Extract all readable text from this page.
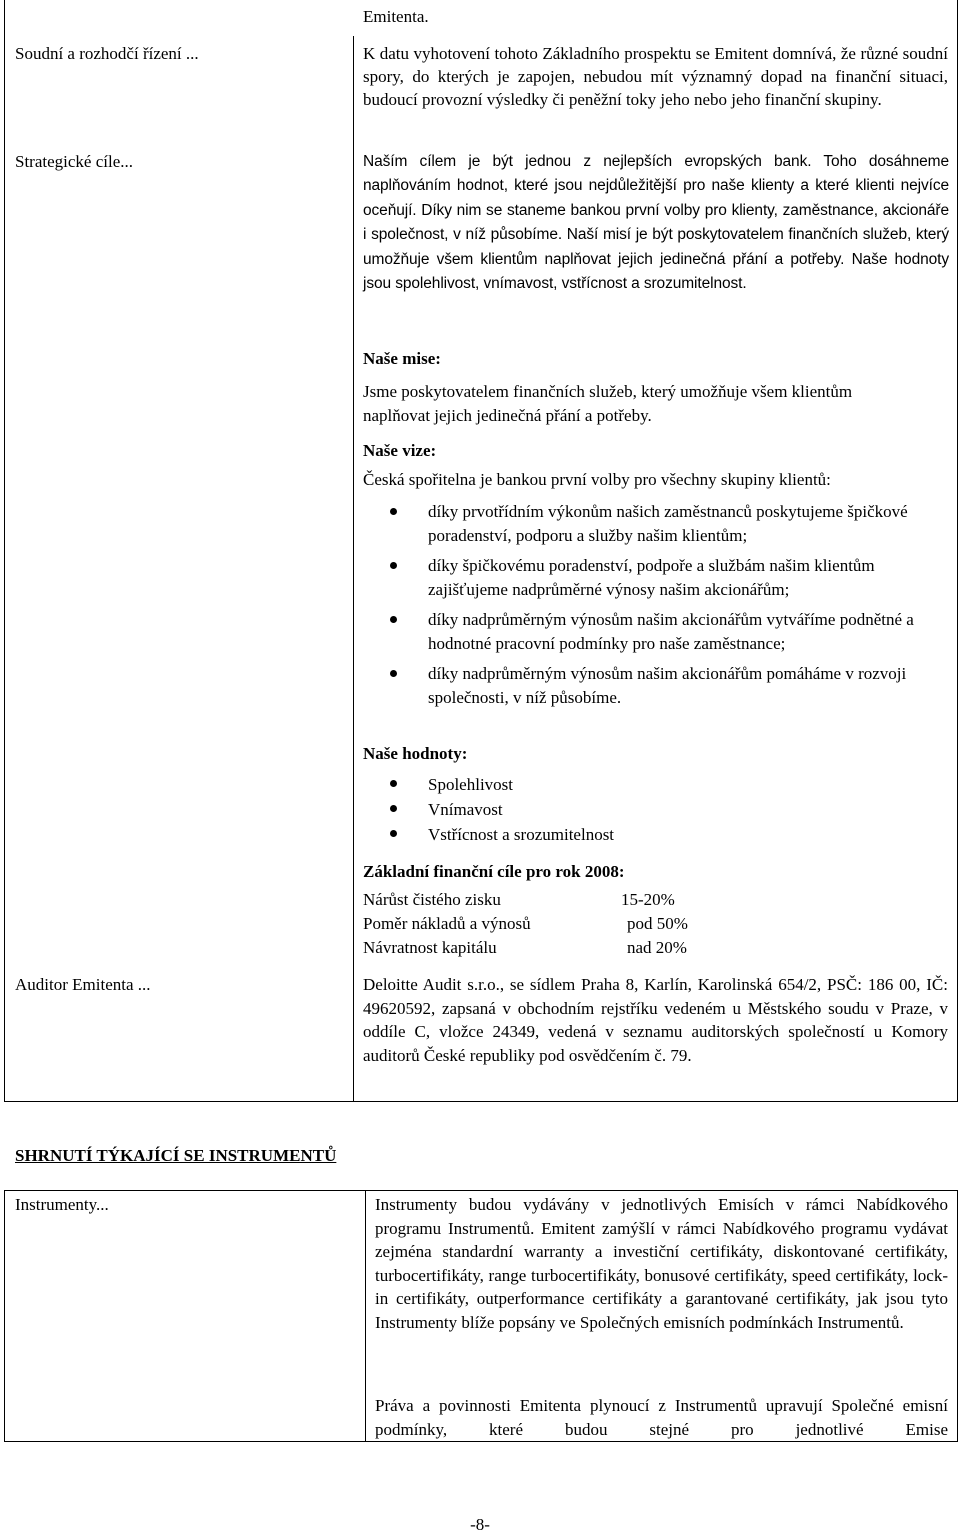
Emitenta.
Soudní a rozhodčí řízení ...	K datu vyhotovení tohoto Základního prospektu se Emitent domnívá, že různé soudní spory, do kterých je zapojen, nebudou mít významný dopad na finanční situaci, budoucí provozní výsledky či peněžní toky jeho nebo jeho finanční skupiny.
Strategické cíle...	Naším cílem je být jednou z nejlepších evropských bank. Toho dosáhneme naplňováním hodnot, které jsou nejdůležitější pro naše klienty a které klienti nejvíce oceňují. Díky nim se staneme bankou první volby pro klienty, zaměstnance, akcionáře i společnost, v níž působíme. Naší misí je být poskytovatelem finančních služeb, který umožňuje všem klientům naplňovat jejich jedinečná přání a potřeby. Naše hodnoty jsou spolehlivost, vnímavost, vstřícnost a srozumitelnost.
Naše mise:
Jsme poskytovatelem finančních služeb, který umožňuje všem klientům naplňovat jejich jedinečná přání a potřeby.
Naše vize:
Česká spořitelna je bankou první volby pro všechny skupiny klientů:
díky prvotřídním výkonům našich zaměstnanců poskytujeme špičkové poradenství, podporu a služby našim klientům;
díky špičkovému poradenství, podpoře a službám našim klientům zajišťujeme nadprůměrné výnosy našim akcionářům;
díky nadprůměrným výnosům našim akcionářům vytváříme podnětné a hodnotné pracovní podmínky pro naše zaměstnance;
díky nadprůměrným výnosům našim akcionářům pomáháme v rozvoji společnosti, v níž působíme.
Naše hodnoty:
Spolehlivost
Vnímavost
Vstřícnost a srozumitelnost
Základní finanční cíle pro rok 2008:
Nárůst čistého zisku	15-20%
Poměr nákladů a výnosů	pod 50%
Návratnost kapitálu	nad 20%
Auditor Emitenta ...	Deloitte Audit s.r.o., se sídlem Praha 8, Karlín, Karolinská 654/2, PSČ: 186 00, IČ: 49620592, zapsaná v obchodním rejstříku vedeném u Městského soudu v Praze, v oddíle C, vložce 24349, vedená v seznamu auditorských společností u Komory auditorů České republiky pod osvědčením č. 79.
SHRNUTÍ TÝKAJÍCÍ SE INSTRUMENTŮ
Instrumenty...	Instrumenty budou vydávány v jednotlivých Emisích v rámci Nabídkového programu Instrumentů. Emitent zamýšlí v rámci Nabídkového programu vydávat zejména standardní warranty a investiční certifikáty, diskontované certifikáty, turbocertifikáty, range turbocertifikáty, bonusové certifikáty, speed certifikáty, lock-in certifikáty, outperformance certifikáty a garantované certifikáty, jak jsou tyto Instrumenty blíže popsány ve Společných emisních podmínkách Instrumentů.
Práva a povinnosti Emitenta plynoucí z Instrumentů upravují Společné emisní podmínky, které budou stejné pro jednotlivé Emise
-8-
